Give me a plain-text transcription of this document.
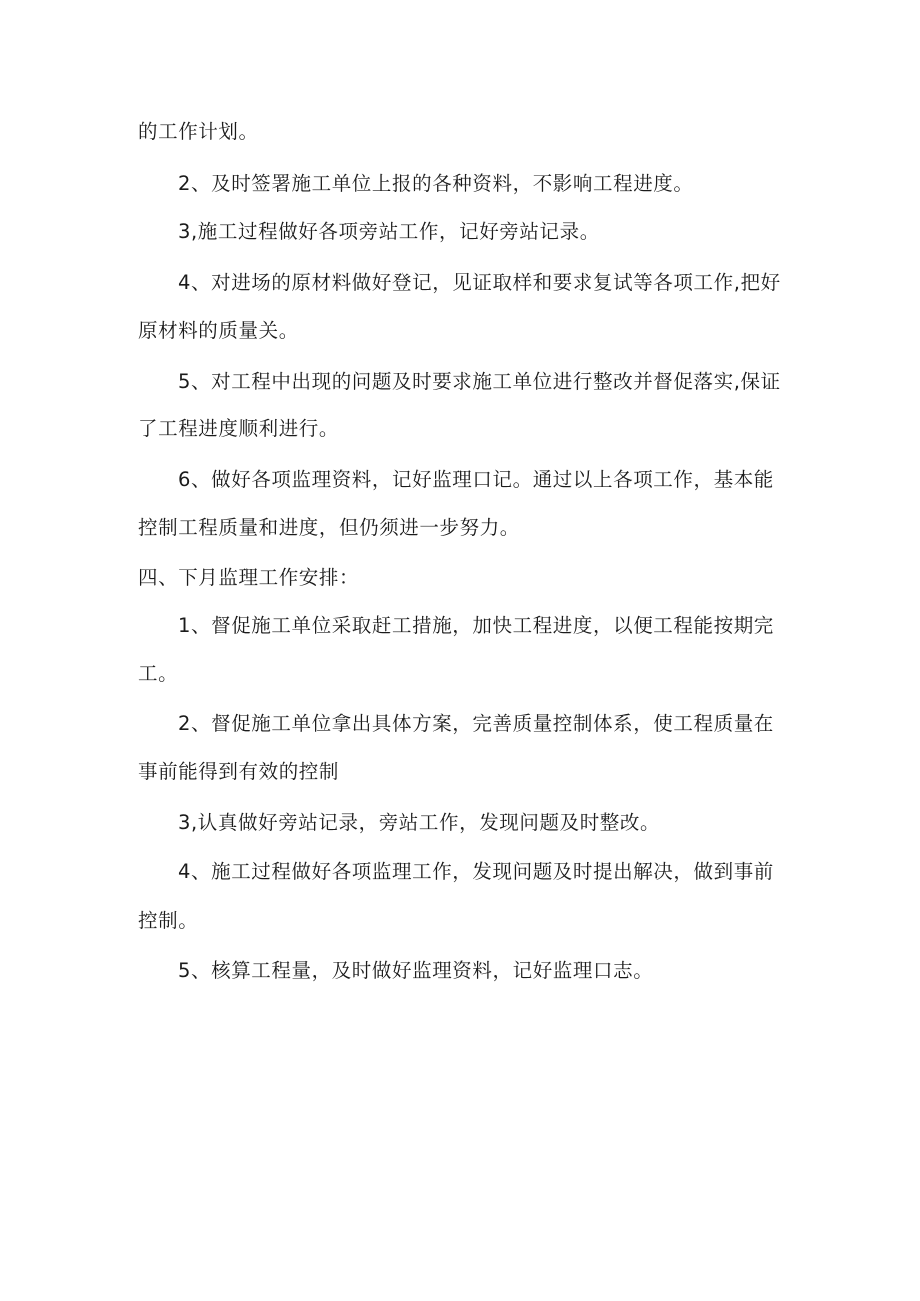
的工作计划。
2、及时签署施工单位上报的各种资料，不影响工程进度。
3,施工过程做好各项旁站工作，记好旁站记录。
4、对进场的原材料做好登记，见证取样和要求复试等各项工作,把好
原材料的质量关。
5、对工程中出现的问题及时要求施工单位进行整改并督促落实,保证
了工程进度顺利进行。
6、做好各项监理资料，记好监理口记。通过以上各项工作，基本能
控制工程质量和进度，但仍须进一步努力。
四、下月监理工作安排：
1、督促施工单位采取赶工措施，加快工程进度，以便工程能按期完
工。
2、督促施工单位拿出具体方案，完善质量控制体系，使工程质量在
事前能得到有效的控制
3,认真做好旁站记录，旁站工作，发现问题及时整改。
4、施工过程做好各项监理工作，发现问题及时提出解决，做到事前
控制。
5、核算工程量，及时做好监理资料，记好监理口志。
